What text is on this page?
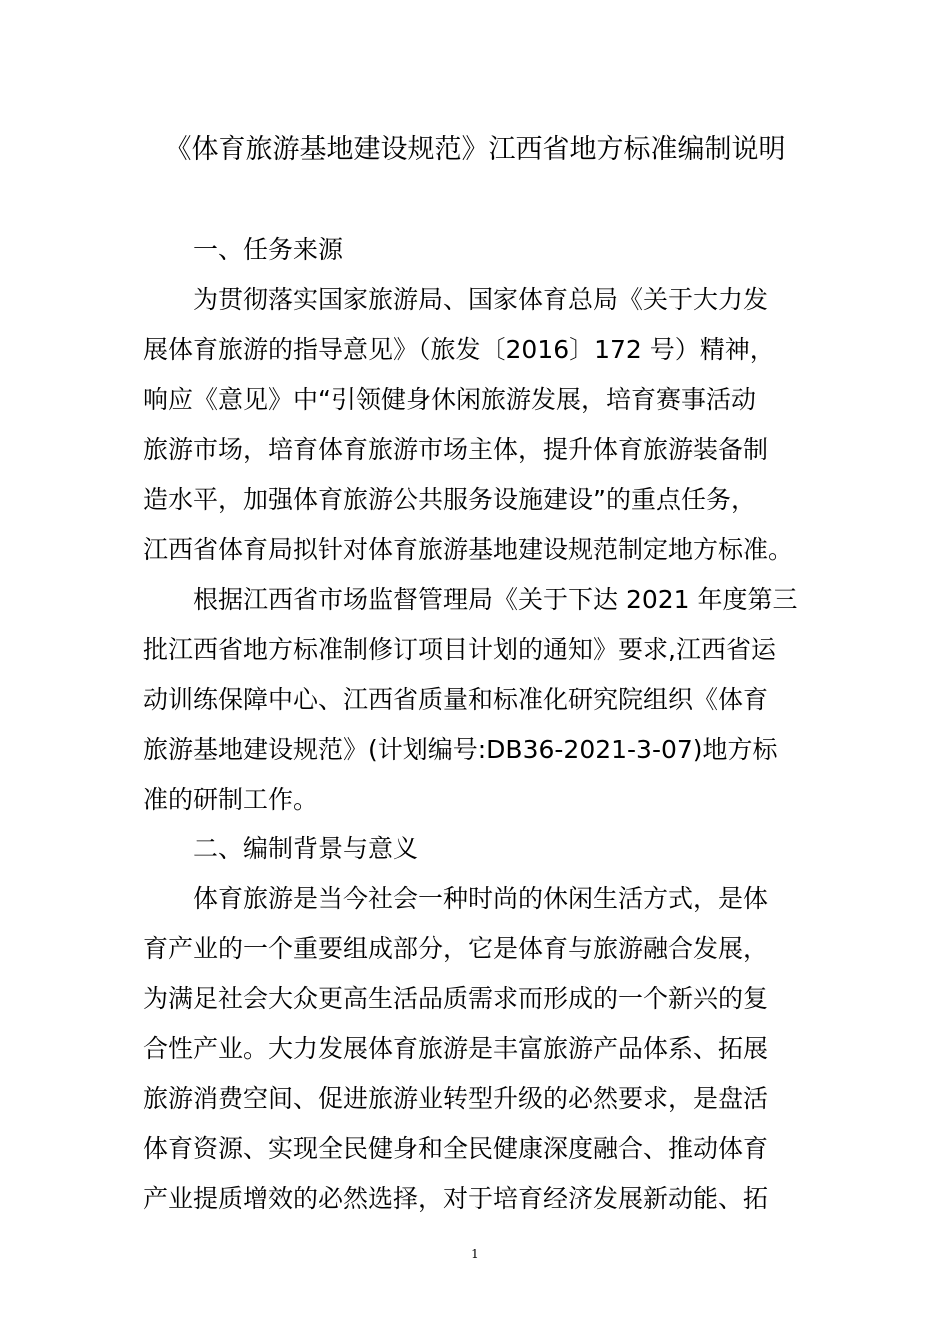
《体育旅游基地建设规范》江西省地方标准编制说明

一、任务来源

为贯彻落实国家旅游局、国家体育总局《关于大力发

展体育旅游的指导意见》（旅发〔2016〕172 号）精神，

响应《意见》中“引领健身休闲旅游发展，培育赛事活动

旅游市场，培育体育旅游市场主体，提升体育旅游装备制

造水平，加强体育旅游公共服务设施建设”的重点任务，

江西省体育局拟针对体育旅游基地建设规范制定地方标准。

根据江西省市场监督管理局《关于下达 2021 年度第三

批江西省地方标准制修订项目计划的通知》要求,江西省运

动训练保障中心、江西省质量和标准化研究院组织《体育

旅游基地建设规范》(计划编号:DB36-2021-3-07)地方标

准的研制工作。

二、编制背景与意义

体育旅游是当今社会一种时尚的休闲生活方式，是体

育产业的一个重要组成部分，它是体育与旅游融合发展，

为满足社会大众更高生活品质需求而形成的一个新兴的复

合性产业。大力发展体育旅游是丰富旅游产品体系、拓展

旅游消费空间、促进旅游业转型升级的必然要求，是盘活

体育资源、实现全民健身和全民健康深度融合、推动体育

产业提质增效的必然选择，对于培育经济发展新动能、拓

1
